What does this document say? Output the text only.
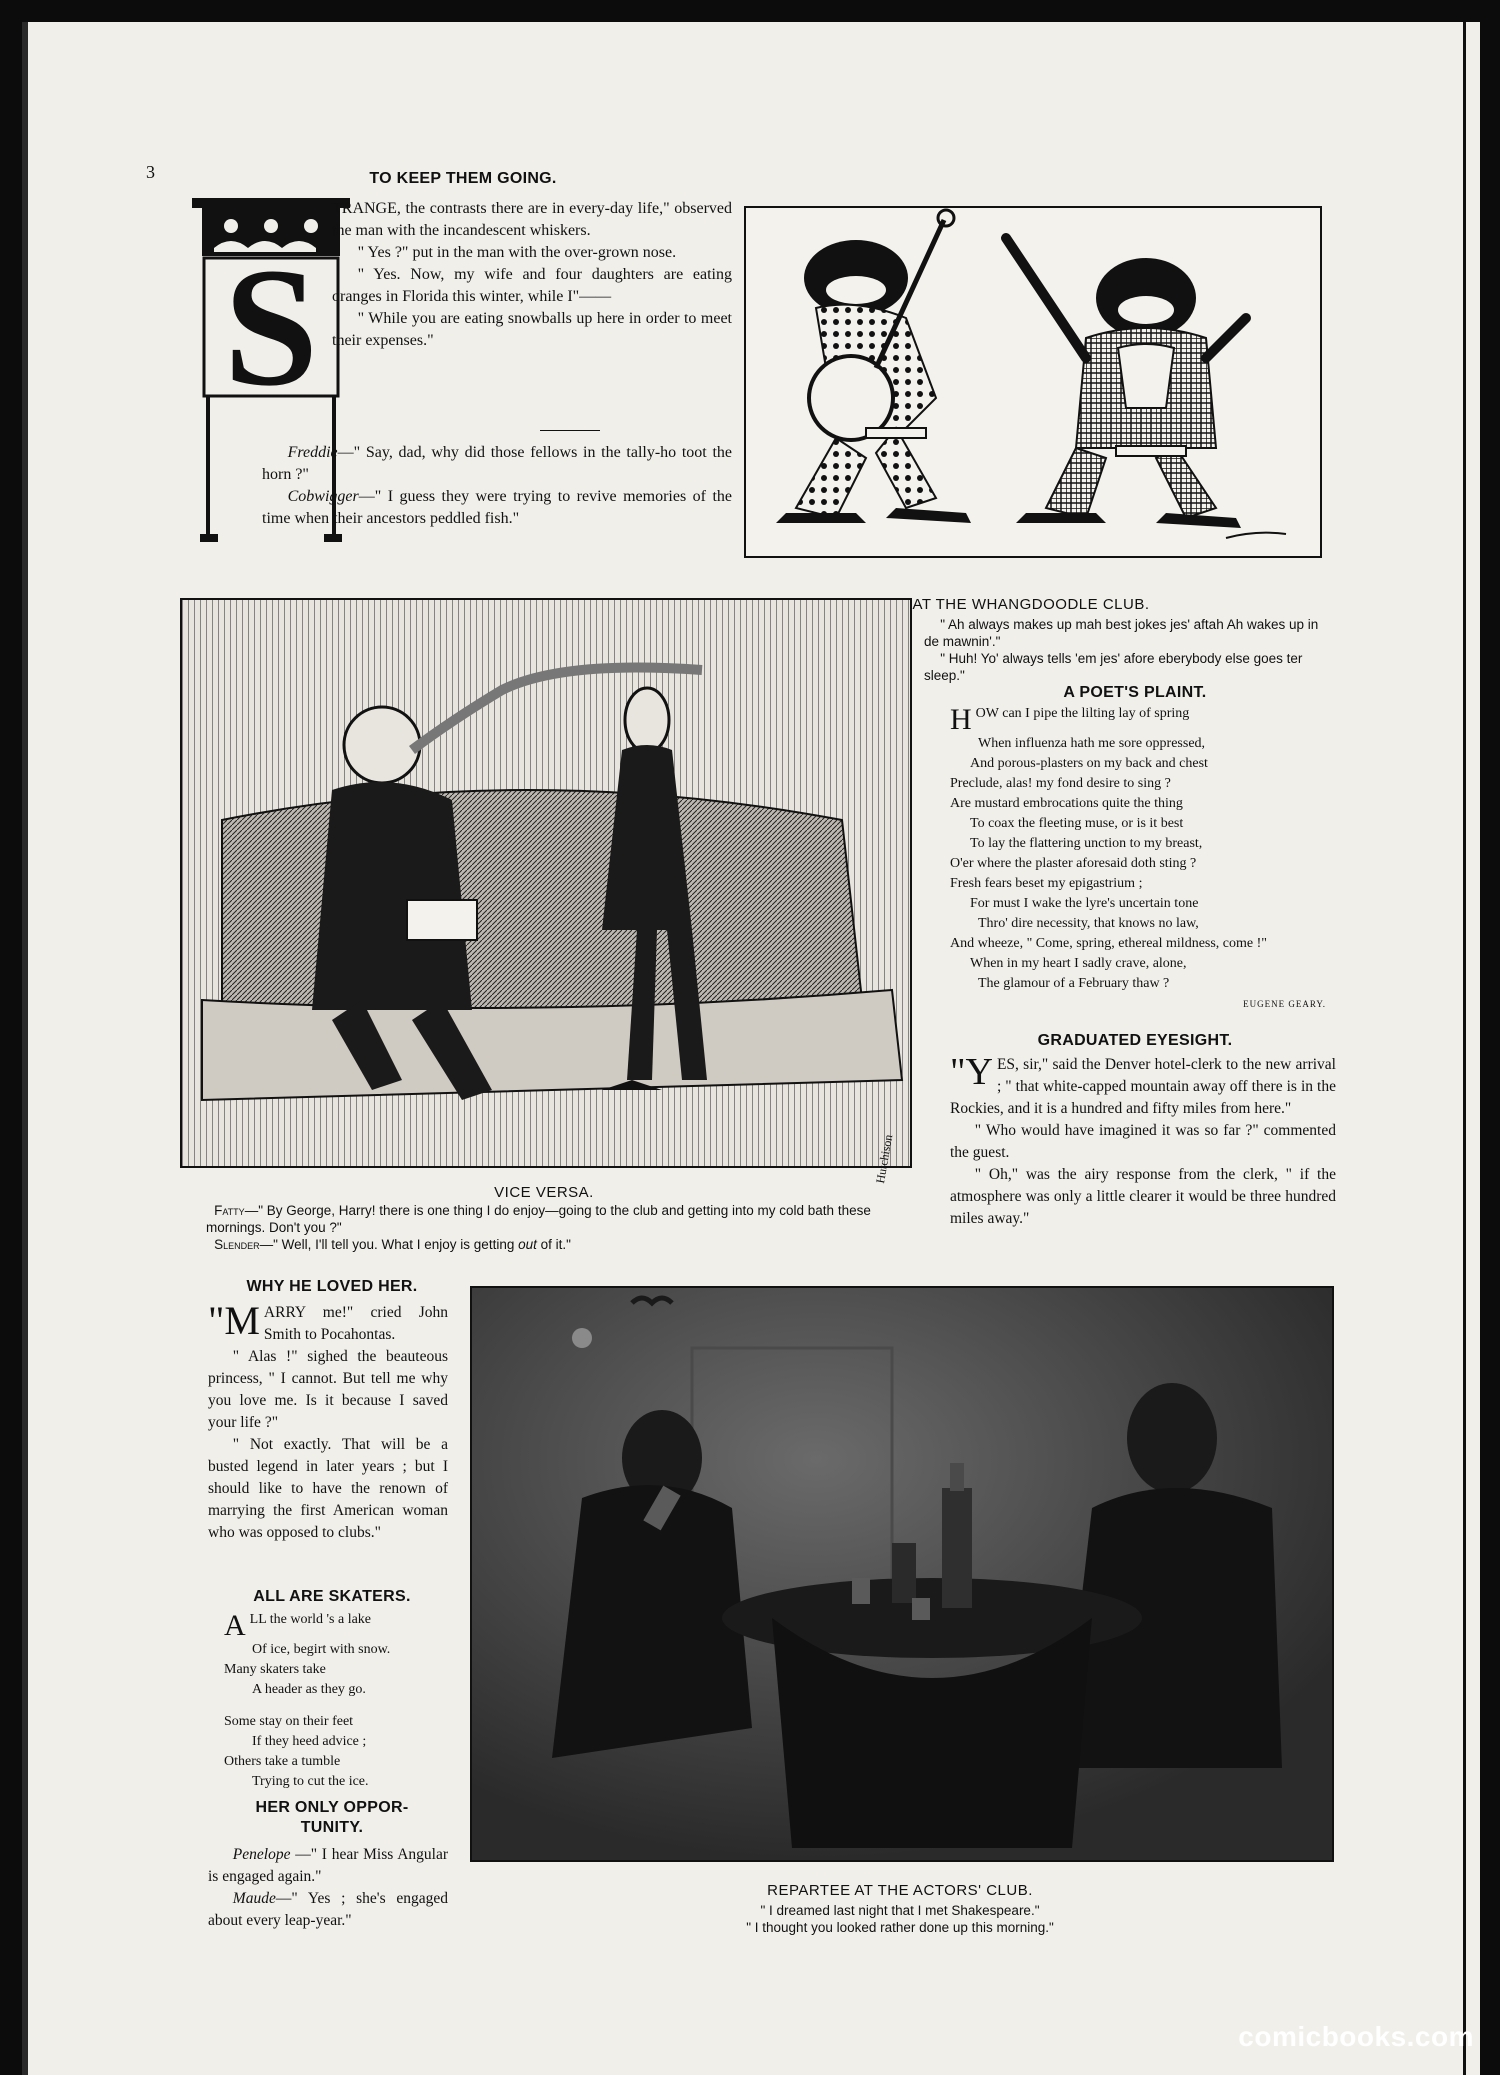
3	TO KEEP THEM GOING.
S

TRANGE, the contrasts there are in every-day life," observed the man with the incandescent whiskers.

" Yes ?" put in the man with the over-grown nose.

" Yes. Now, my wife and four daughters are eating oranges in Florida this winter, while I"——

" While you are eating snowballs up here in order to meet their expenses."

Freddie—" Say, dad, why did those fellows in the tally-ho toot the horn ?"

Cobwigger—" I guess they were trying to revive memories of the time when their ancestors peddled fish."

AT THE WHANGDOODLE CLUB.
" Ah always makes up mah best jokes jes' aftah Ah wakes up in de mawnin'."
" Huh! Yo' always tells 'em jes' afore eberybody else goes ter sleep."
Hutchison
VICE VERSA.
Fatty—" By George, Harry! there is one thing I do enjoy—going to the club and getting into my cold bath these mornings. Don't you ?"
Slender—" Well, I'll tell you. What I enjoy is getting out of it."
A POET'S PLAINT.
HOW can I pipe the lilting lay of spring
When influenza hath me sore oppressed,
And porous-plasters on my back and chest
Preclude, alas! my fond desire to sing ?
Are mustard embrocations quite the thing
To coax the fleeting muse, or is it best
To lay the flattering unction to my breast,
O'er where the plaster aforesaid doth sting ?
Fresh fears beset my epigastrium ;
For must I wake the lyre's uncertain tone
Thro' dire necessity, that knows no law,
And wheeze, " Come, spring, ethereal mildness, come !"
When in my heart I sadly crave, alone,
The glamour of a February thaw ?
EUGENE GEARY.
GRADUATED EYESIGHT.

"YES, sir," said the Denver hotel-clerk to the new arrival ; " that white-capped mountain away off there is in the Rockies, and it is a hundred and fifty miles from here."

" Who would have imagined it was so far ?" commented the guest.

" Oh," was the airy response from the clerk, " if the atmosphere was only a little clearer it would be three hundred miles away."

WHY HE LOVED HER.

"MARRY me!" cried John Smith to Pocahontas.

" Alas !" sighed the beauteous princess, " I cannot. But tell me why you love me. Is it because I saved your life ?"

" Not exactly. That will be a busted legend in later years ; but I should like to have the renown of marrying the first American woman who was opposed to clubs."

ALL ARE SKATERS.
ALL the world 's a lake
Of ice, begirt with snow.
Many skaters take
A header as they go.
Some stay on their feet
If they heed advice ;
Others take a tumble
Trying to cut the ice.
HER ONLY OPPOR-
TUNITY.

Penelope —" I hear Miss Angular is engaged again."

Maude—" Yes ; she's engaged about every leap-year."

REPARTEE AT THE ACTORS' CLUB.
" I dreamed last night that I met Shakespeare."
" I thought you looked rather done up this morning."
comicbooks.com
